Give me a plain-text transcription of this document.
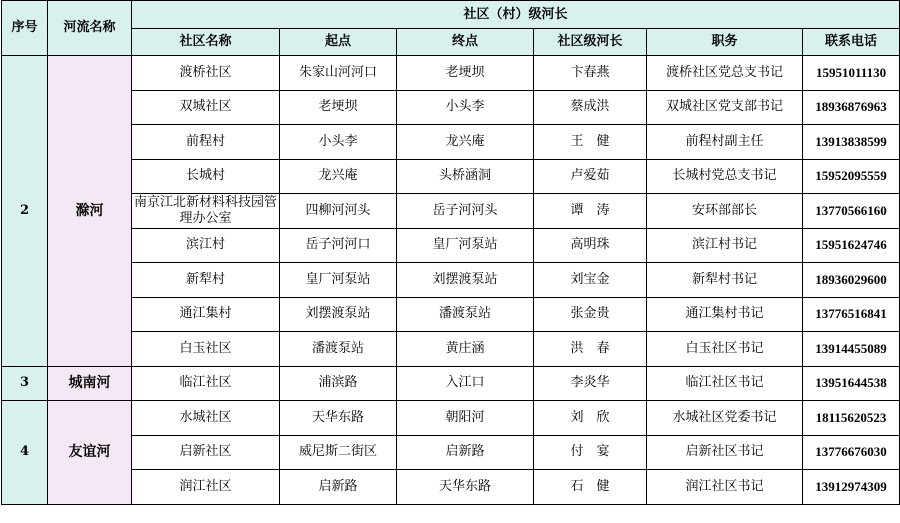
序号	河流名称	社区（村）级河长					
		社区名称	起点	终点	社区级河长	职务	联系电话
2	滁河	渡桥社区	朱家山河河口	老埂坝	卞春燕	渡桥社区党总支书记	15951011130
		双城社区	老埂坝	小头李	蔡成洪	双城社区党支部书记	18936876963
		前程村	小头李	龙兴庵	王　健	前程村副主任	13913838599
		长城村	龙兴庵	头桥涵洞	卢爱茹	长城村党总支书记	15952095559
		南京江北新材料科技园管理办公室	四柳河河头	岳子河河头	谭　涛	安环部部长	13770566160
		滨江村	岳子河河口	皇厂河泵站	高明珠	滨江村书记	15951624746
		新犁村	皇厂河泵站	刘摆渡泵站	刘宝金	新犁村书记	18936029600
		通江集村	刘摆渡泵站	潘渡泵站	张金贵	通江集村书记	13776516841
		白玉社区	潘渡泵站	黄庄涵	洪　春	白玉社区书记	13914455089
3	城南河	临江社区	浦滨路	入江口	李炎华	临江社区书记	13951644538
4	友谊河	水城社区	天华东路	朝阳河	刘　欣	水城社区党委书记	18115620523
		启新社区	威尼斯二街区	启新路	付　宴	启新社区书记	13776676030
		润江社区	启新路	天华东路	石　健	润江社区书记	13912974309
